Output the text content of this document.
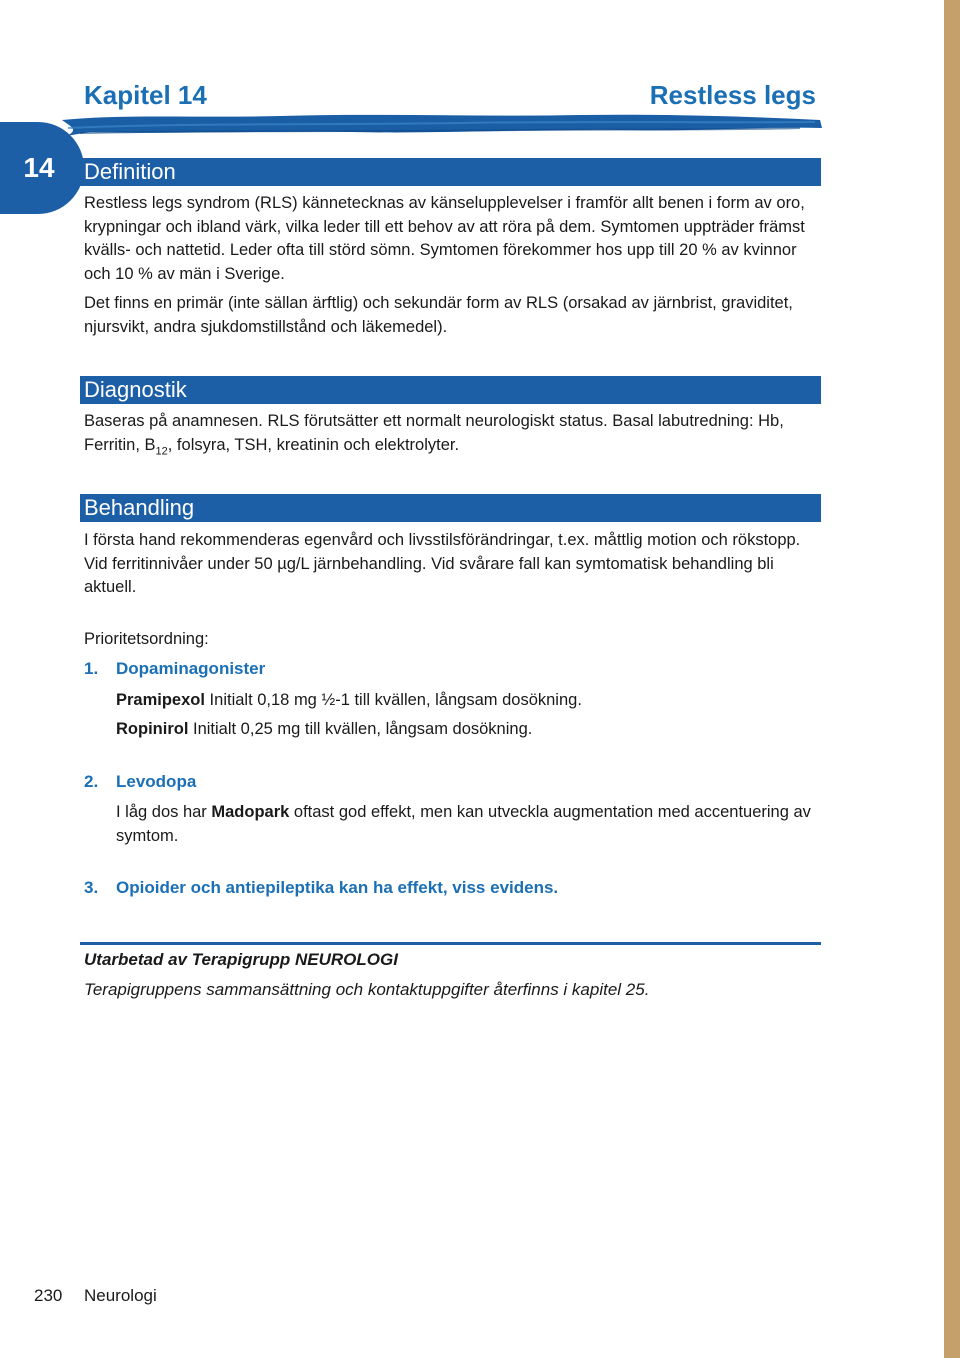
Kapitel 14	Restless legs
14	Definition

Restless legs syndrom (RLS) kännetecknas av känselupplevelser i framför allt benen i form av oro, krypningar och ibland värk, vilka leder till ett behov av att röra på dem. Symtomen uppträder främst kvälls- och nattetid. Leder ofta till störd sömn. Symtomen förekommer hos upp till 20 % av kvinnor och 10 % av män i Sverige.

Det finns en primär (inte sällan ärftlig) och sekundär form av RLS (orsakad av järnbrist, graviditet, njursvikt, andra sjukdomstillstånd och läkemedel).

Diagnostik

Baseras på anamnesen. RLS förutsätter ett normalt neurologiskt status. Basal labutredning: Hb, Ferritin, $B_{12}$, folsyra, TSH, kreatinin och elektrolyter.

Behandling

I första hand rekommenderas egenvård och livsstilsförändringar, t.ex. måttlig motion och rökstopp. Vid ferritinnivåer under 50 µg/L järnbehandling. Vid svårare fall kan symtomatisk behandling bli aktuell.

Prioritetsordning:
1. Dopaminagonister

Pramipexol Initialt 0,18 mg ½-1 till kvällen, långsam dosökning.

Ropinirol Initialt 0,25 mg till kvällen, långsam dosökning.

2. Levodopa

I låg dos har Madopark oftast god effekt, men kan utveckla augmentation med accentuering av symtom.

3. Opioider och antiepileptika kan ha effekt, viss evidens.
Utarbetad av Terapigrupp NEUROLOGI
Terapigruppens sammansättning och kontaktuppgifter återfinns i kapitel 25.
230 Neurologi
